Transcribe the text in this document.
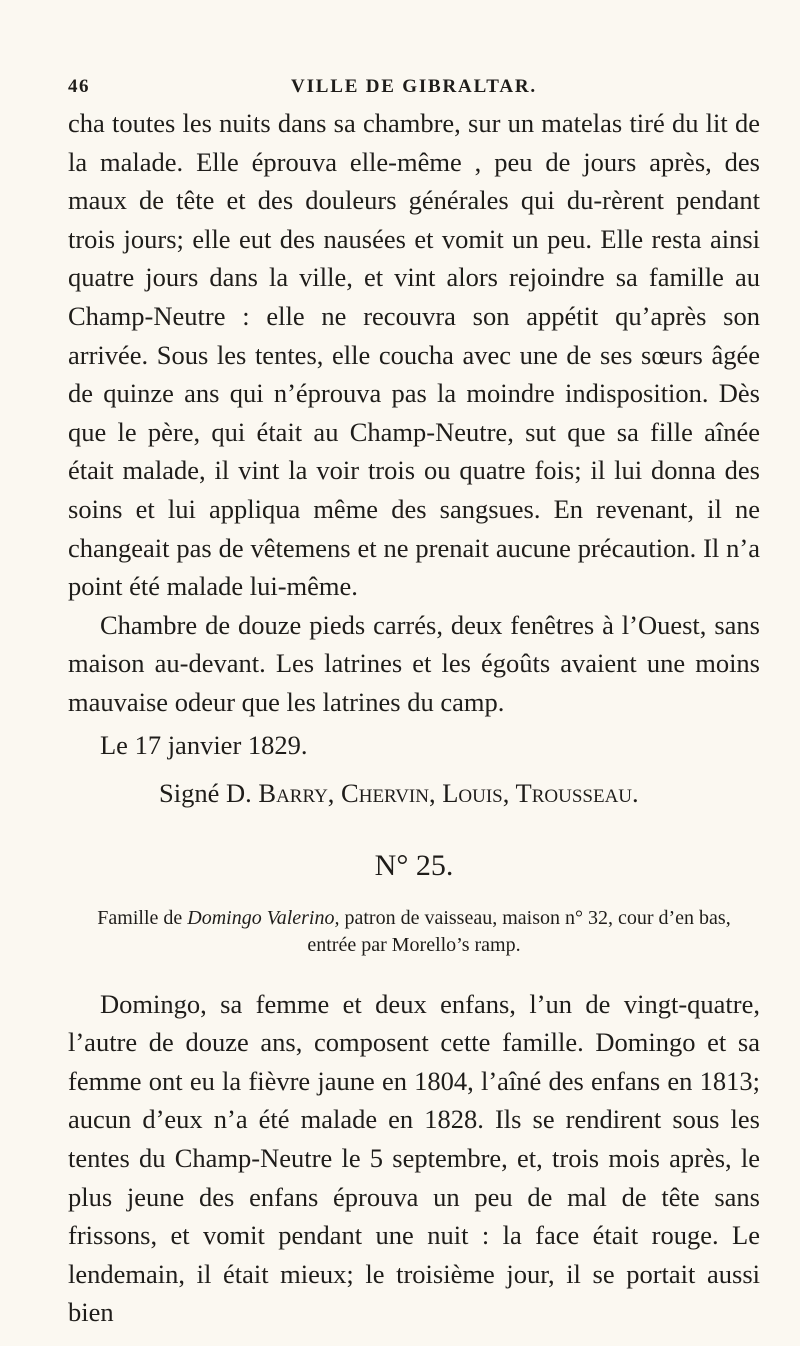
46	VILLE DE GIBRALTAR.

cha toutes les nuits dans sa chambre, sur un matelas tiré du lit de la malade. Elle éprouva elle-même , peu de jours après, des maux de tête et des douleurs générales qui du-rèrent pendant trois jours; elle eut des nausées et vomit un peu. Elle resta ainsi quatre jours dans la ville, et vint alors rejoindre sa famille au Champ-Neutre : elle ne recouvra son appétit qu’après son arrivée. Sous les tentes, elle coucha avec une de ses sœurs âgée de quinze ans qui n’éprouva pas la moindre indisposition. Dès que le père, qui était au Champ-Neutre, sut que sa fille aînée était malade, il vint la voir trois ou quatre fois; il lui donna des soins et lui appliqua même des sangsues. En revenant, il ne changeait pas de vêtemens et ne prenait aucune précaution. Il n’a point été malade lui-même.

Chambre de douze pieds carrés, deux fenêtres à l’Ouest, sans maison au-devant. Les latrines et les égoûts avaient une moins mauvaise odeur que les latrines du camp.

Le 17 janvier 1829.
Signé D. Barry, Chervin, Louis, Trousseau.
N° 25.
Famille de Domingo Valerino, patron de vaisseau, maison n° 32, cour d’en bas, entrée par Morello’s ramp.

Domingo, sa femme et deux enfans, l’un de vingt-quatre, l’autre de douze ans, composent cette famille. Domingo et sa femme ont eu la fièvre jaune en 1804, l’aîné des enfans en 1813; aucun d’eux n’a été malade en 1828. Ils se rendirent sous les tentes du Champ-Neutre le 5 septembre, et, trois mois après, le plus jeune des enfans éprouva un peu de mal de tête sans frissons, et vomit pendant une nuit : la face était rouge. Le lendemain, il était mieux; le troisième jour, il se portait aussi bien
